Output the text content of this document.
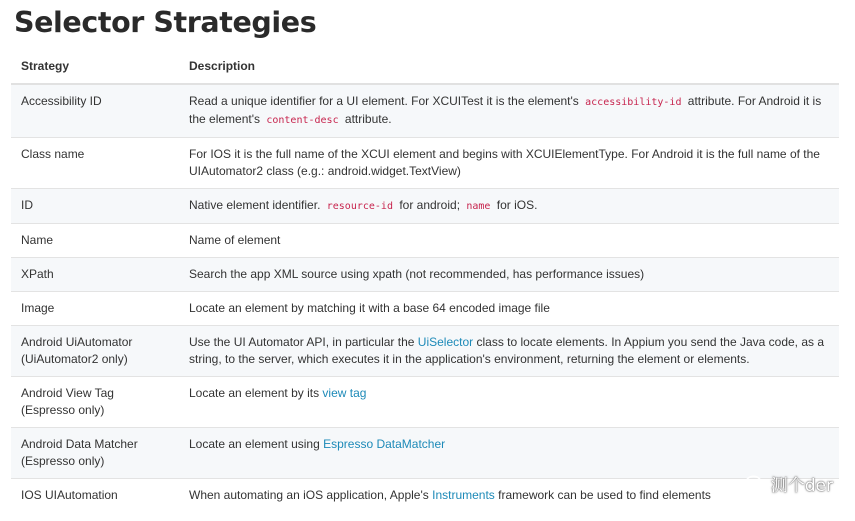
Selector Strategies
Strategy	Description
Accessibility ID	Read a unique identifier for a UI element. For XCUITest it is the element's accessibility-id attribute. For Android it is the element's content-desc attribute.
Class name	For IOS it is the full name of the XCUI element and begins with XCUIElementType. For Android it is the full name of the UIAutomator2 class (e.g.: android.widget.TextView)
ID	Native element identifier. resource-id for android; name for iOS.
Name	Name of element
XPath	Search the app XML source using xpath (not recommended, has performance issues)
Image	Locate an element by matching it with a base 64 encoded image file
Android UiAutomator (UiAutomator2 only)	Use the UI Automator API, in particular the UiSelector class to locate elements. In Appium you send the Java code, as a string, to the server, which executes it in the application's environment, returning the element or elements.
Android View Tag (Espresso only)	Locate an element by its view tag
Android Data Matcher (Espresso only)	Locate an element using Espresso DataMatcher
IOS UIAutomation	When automating an iOS application, Apple's Instruments framework can be used to find elements	测个der
